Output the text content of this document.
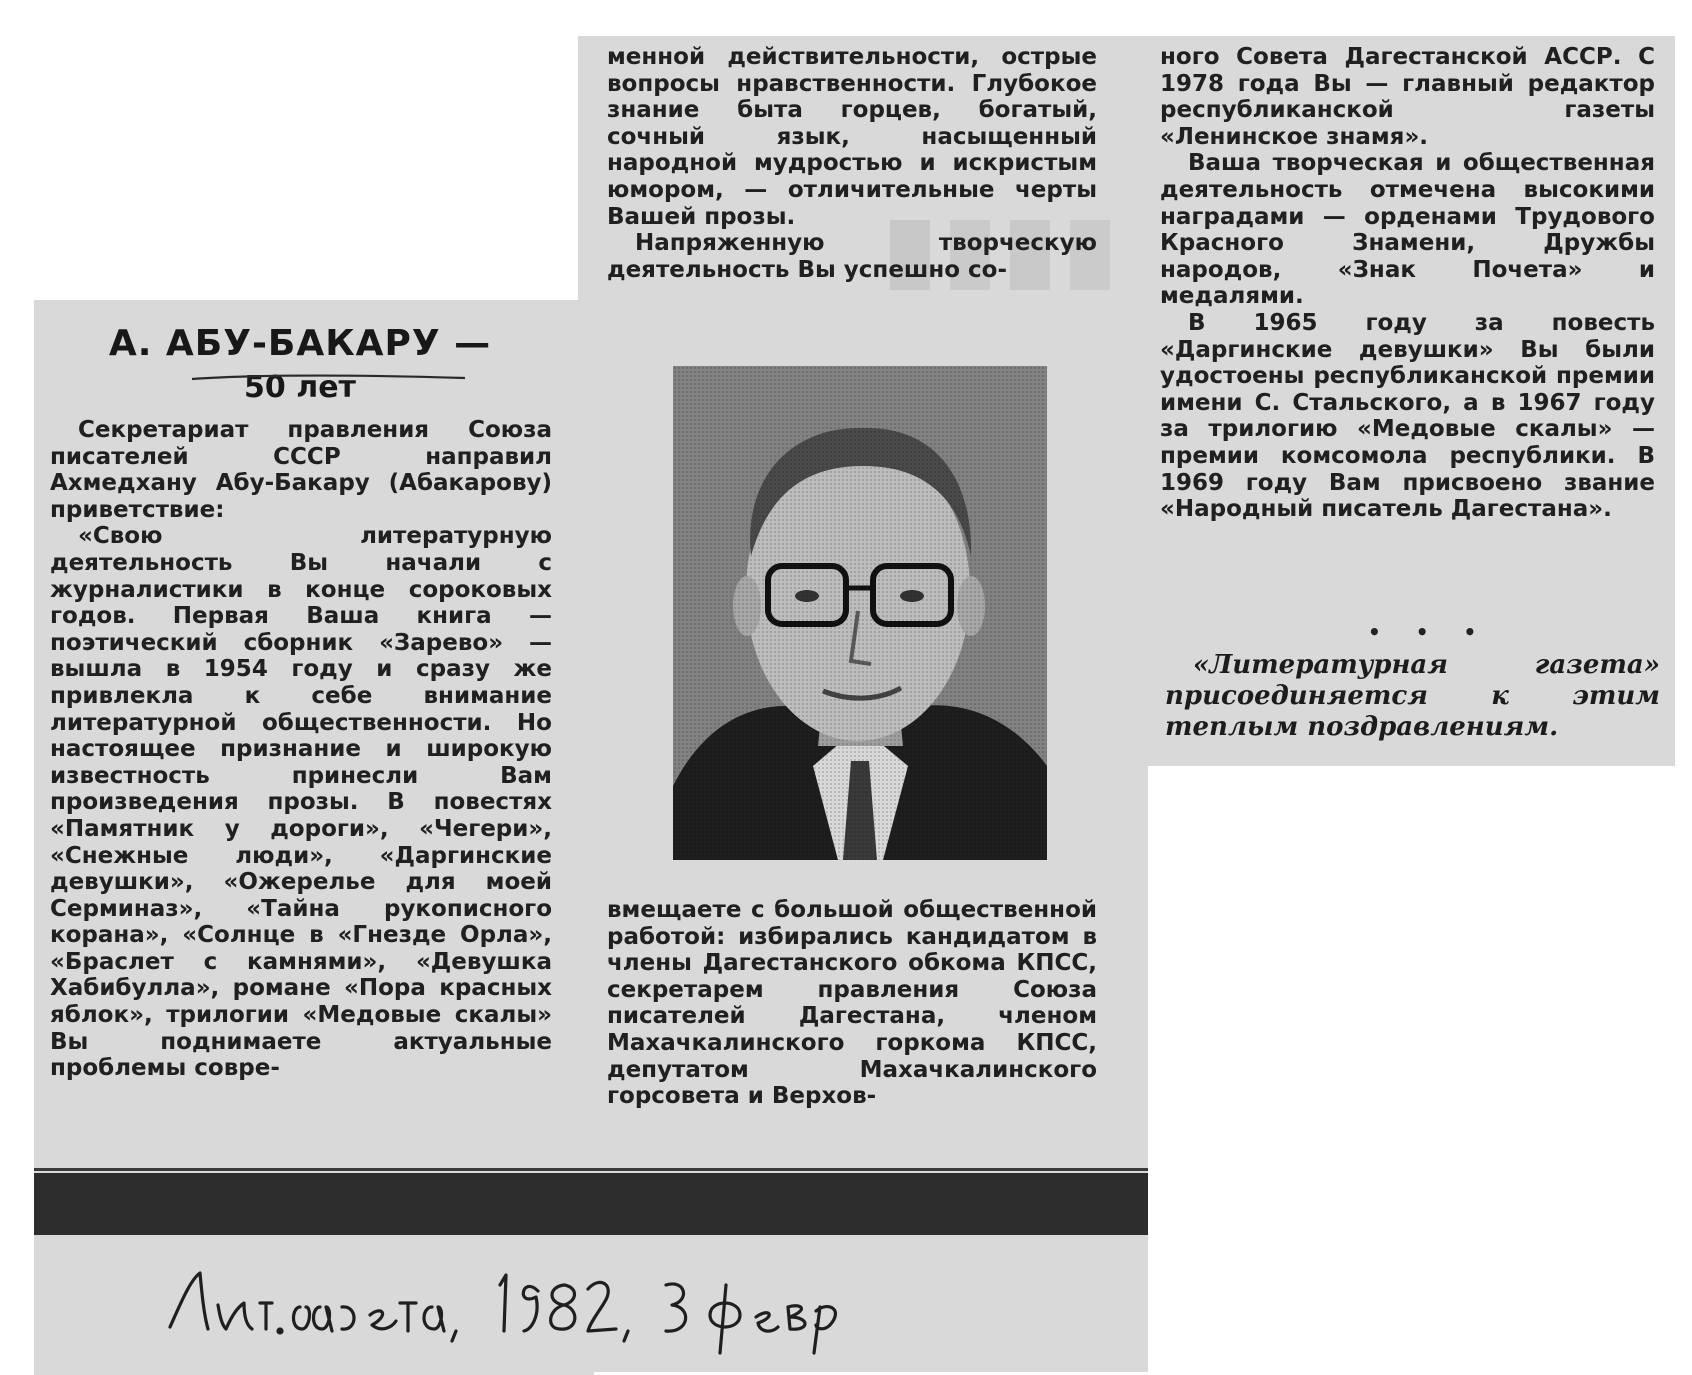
А. АБУ-БАКАРУ —
50 лет

Секретариат правления Союза писателей СССР направил Ахмедхану Абу-Бакару (Абакарову) приветствие:

«Свою литературную деятельность Вы начали с журналистики в конце сороковых годов. Первая Ваша книга — поэтический сборник «Зарево» — вышла в 1954 году и сразу же привлекла к себе внимание литературной общественности. Но настоящее признание и широкую известность принесли Вам произведения прозы. В повестях «Памятник у дороги», «Чегери», «Снежные люди», «Даргинские девушки», «Ожерелье для моей Серминаз», «Тайна рукописного корана», «Солнце в «Гнезде Орла», «Браслет с камнями», «Девушка Хабибулла», романе «Пора красных яблок», трилогии «Медовые скалы» Вы поднимаете актуальные проблемы совре-

менной действительности, острые вопросы нравственности. Глубокое знание быта горцев, богатый, сочный язык, насыщенный народной мудростью и искристым юмором, — отличительные черты Вашей прозы.

Напряженную творческую деятельность Вы успешно со-

вмещаете с большой общественной работой: избирались кандидатом в члены Дагестанского обкома КПСС, секретарем правления Союза писателей Дагестана, членом Махачкалинского горкома КПСС, депутатом Махачкалинского горсовета и Верхов-

ного Совета Дагестанской АССР. С 1978 года Вы — главный редактор республиканской газеты «Ленинское знамя».

Ваша творческая и общественная деятельность отмечена высокими наградами — орденами Трудового Красного Знамени, Дружбы народов, «Знак Почета» и медалями.

В 1965 году за повесть «Даргинские девушки» Вы были удостоены республиканской премии имени С. Стальского, а в 1967 году за трилогию «Медовые скалы» — премии комсомола республики. В 1969 году Вам присвоено звание «Народный писатель Дагестана».

• • •

«Литературная газета» присоединяется к этим теплым поздравлениям.
